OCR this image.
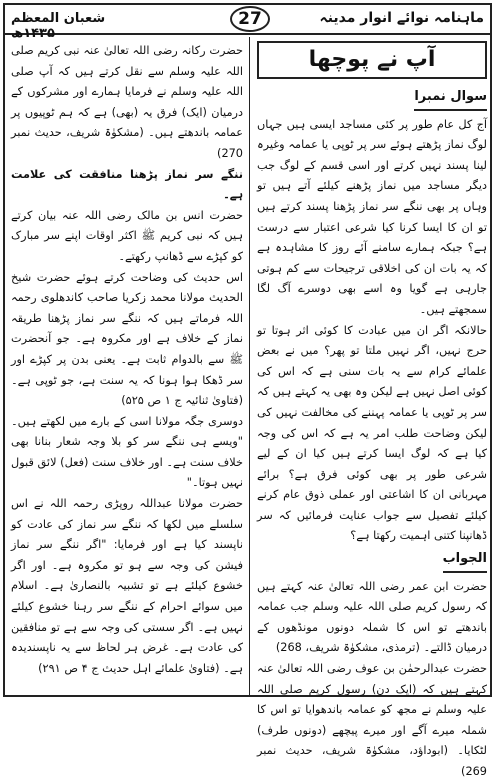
شعبان المعظم ۱۴۳۵ھ
27	ماہنامہ نوائے انوار مدینہ
آپ نے پوچھا
سوال نمبرا

آج کل عام طور پر کئی مساجد ایسی ہیں جہاں لوگ نماز پڑھتے ہوئے سر پر ٹوپی یا عمامہ وغیرہ لینا پسند نہیں کرتے اور اسی قسم کے لوگ جب دیگر مساجد میں نماز پڑھنے کیلئے آتے ہیں تو وہاں پر بھی ننگے سر نماز پڑھنا پسند کرتے ہیں تو ان کا ایسا کرنا کیا شرعی اعتبار سے درست ہے؟ جبکہ ہمارے سامنے آئے روز کا مشاہدہ ہے کہ یہ بات ان کی اخلاقی ترجیحات سے کم ہوتی جارہی ہے گویا وہ اسے بھی دوسرے آگ لگا سمجھتے ہیں۔

حالانکہ اگر ان میں عبادت کا کوئی اثر ہوتا تو حرج نہیں، اگر نہیں ملتا تو پھر؟ میں نے بعض علمائے کرام سے یہ بات سنی ہے کہ اس کی کوئی اصل نہیں ہے لیکن وہ بھی یہ کہتے ہیں کہ سر پر ٹوپی یا عمامہ پہننے کی مخالفت نہیں کی لیکن وضاحت طلب امر یہ ہے کہ اس کی وجہ کیا ہے کہ لوگ ایسا کرتے ہیں کیا ان کے لیے شرعی طور پر بھی کوئی فرق ہے؟ برائے مہربانی ان کا اشاعتی اور عملی ذوق عام کرنے کیلئے تفصیل سے جواب عنایت فرمائیں کہ سر ڈھانپنا کتنی اہمیت رکھتا ہے؟

الجواب

حضرت ابن عمر رضی اللہ تعالیٰ عنہ کہتے ہیں کہ رسول کریم صلی اللہ علیہ وسلم جب عمامہ باندھتے تو اس کا شملہ دونوں مونڈھوں کے درمیان ڈالتے۔ (ترمذی، مشکوٰۃ شریف، 268)

حضرت عبدالرحمٰن بن عوف رضی اللہ تعالیٰ عنہ کہتے ہیں کہ (ایک دن) رسول کریم صلی اللہ علیہ وسلم نے مجھ کو عمامہ باندھوایا تو اس کا شملہ میرے آگے اور میرے پیچھے (دونوں طرف) لٹکایا۔ (ابوداؤد، مشکوٰۃ شریف، حدیث نمبر 269)

حضرت رکانہ رضی اللہ تعالیٰ عنہ نبی کریم صلی اللہ علیہ وسلم سے نقل کرتے ہیں کہ آپ صلی اللہ علیہ وسلم نے فرمایا ہمارے اور مشرکوں کے درمیان (ایک) فرق یہ (بھی) ہے کہ ہم ٹوپیوں پر عمامہ باندھتے ہیں۔ (مشکوٰۃ شریف، حدیث نمبر 270)

ننگے سر نماز پڑھنا منافقت کی علامت ہے۔

حضرت انس بن مالک رضی اللہ عنہ بیان کرتے ہیں کہ نبی کریم ﷺ اکثر اوقات اپنے سر مبارک کو کپڑے سے ڈھانپ رکھتے۔

اس حدیث کی وضاحت کرتے ہوئے حضرت شیخ الحدیث مولانا محمد زکریا صاحب کاندھلوی رحمہ اللہ فرماتے ہیں کہ ننگے سر نماز پڑھنا طریقہ نماز کے خلاف ہے اور مکروہ ہے۔ جو آنحضرت ﷺ سے بالدوام ثابت ہے۔ یعنی بدن پر کپڑے اور سر ڈھکا ہوا ہونا کہ یہ سنت ہے، جو ٹوپی ہے۔ (فتاویٰ ثنائیہ ج ۱ ص ۵۲۵)

دوسری جگہ مولانا اسی کے بارے میں لکھتے ہیں۔ "ویسے ہی ننگے سر کو بلا وجہ شعار بنانا بھی خلاف سنت ہے۔ اور خلاف سنت (فعل) لائق قبول نہیں ہوتا۔"

حضرت مولانا عبداللہ روپڑی رحمہ اللہ نے اس سلسلے میں لکھا کہ ننگے سر نماز کی عادت کو ناپسند کیا ہے اور فرمایا: "اگر ننگے سر نماز فیشن کی وجہ سے ہو تو مکروہ ہے۔ اور اگر خشوع کیلئے ہے تو تشبیہ بالنصاریٰ ہے۔ اسلام میں سوائے احرام کے ننگے سر رہنا خشوع کیلئے نہیں ہے۔ اگر سستی کی وجہ سے ہے تو منافقین کی عادت ہے۔ غرض ہر لحاظ سے یہ ناپسندیدہ ہے۔ (فتاویٰ علمائے اہل حدیث ج ۴ ص ۲۹۱)
